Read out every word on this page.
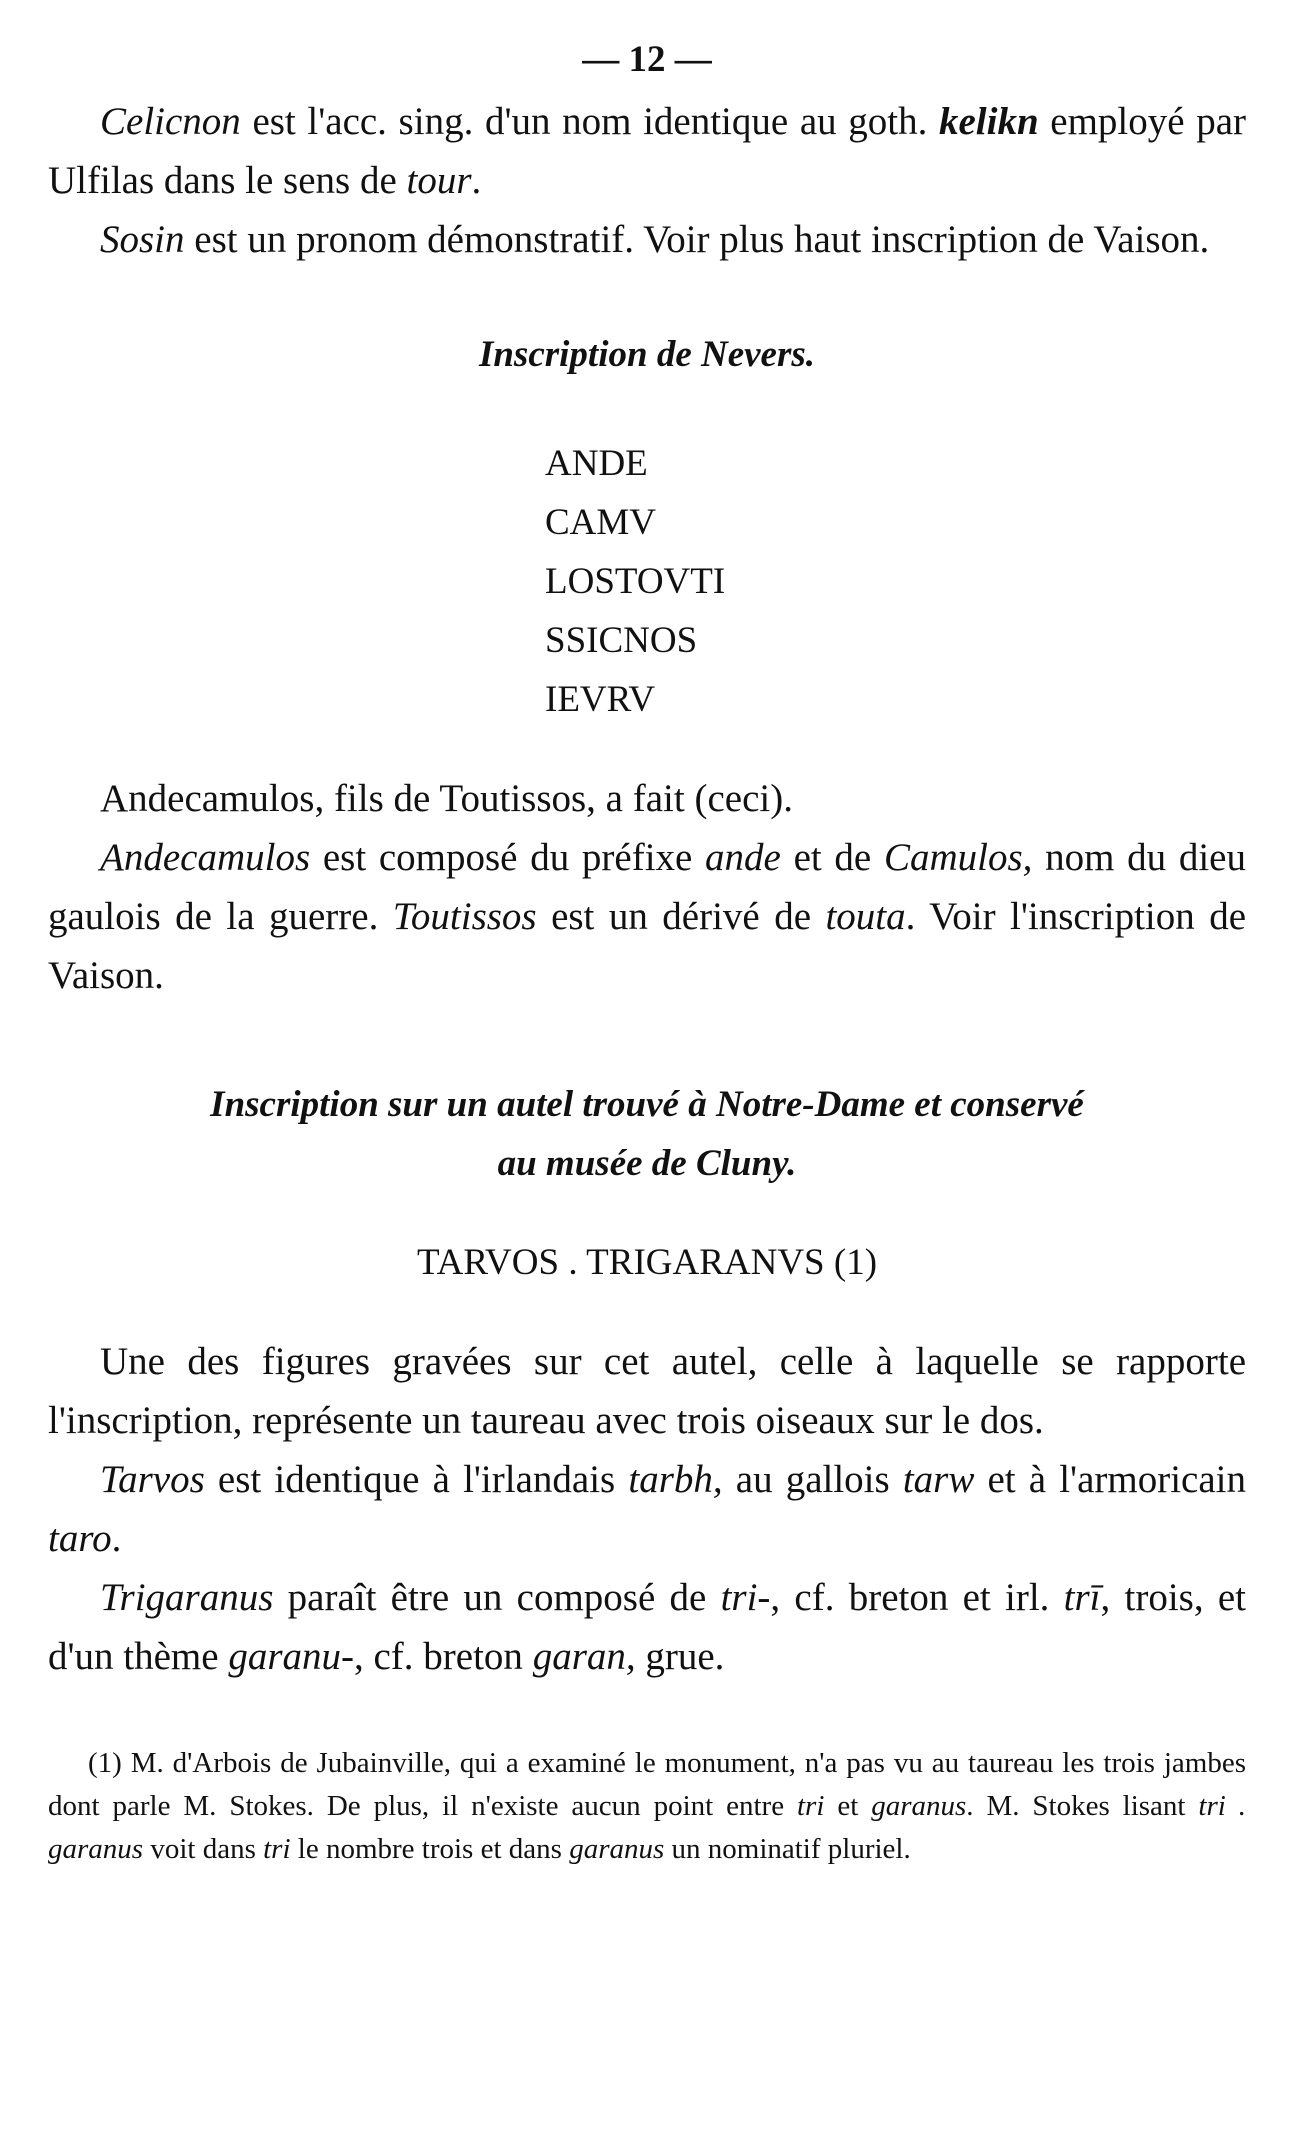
— 12 —

Celicnon est l'acc. sing. d'un nom identique au goth. kelikn employé par Ulfilas dans le sens de tour.

Sosin est un pronom démonstratif. Voir plus haut inscription de Vaison.

Inscription de Nevers.

ANDE
CAMV
LOSTOVTI
SSICNOS
IEVRV

Andecamulos, fils de Toutissos, a fait (ceci).

Andecamulos est composé du préfixe ande et de Camulos, nom du dieu gaulois de la guerre. Toutissos est un dérivé de touta. Voir l'inscription de Vaison.

Inscription sur un autel trouvé à Notre-Dame et conservé

au musée de Cluny.

TARVOS . TRIGARANVS (1)

Une des figures gravées sur cet autel, celle à laquelle se rapporte l'inscription, représente un taureau avec trois oiseaux sur le dos.

Tarvos est identique à l'irlandais tarbh, au gallois tarw et à l'armoricain taro.

Trigaranus paraît être un composé de tri-, cf. breton et irl. trī, trois, et d'un thème garanu-, cf. breton garan, grue.

(1) M. d'Arbois de Jubainville, qui a examiné le monument, n'a pas vu au taureau les trois jambes dont parle M. Stokes. De plus, il n'existe aucun point entre tri et garanus. M. Stokes lisant tri . garanus voit dans tri le nombre trois et dans garanus un nominatif pluriel.
